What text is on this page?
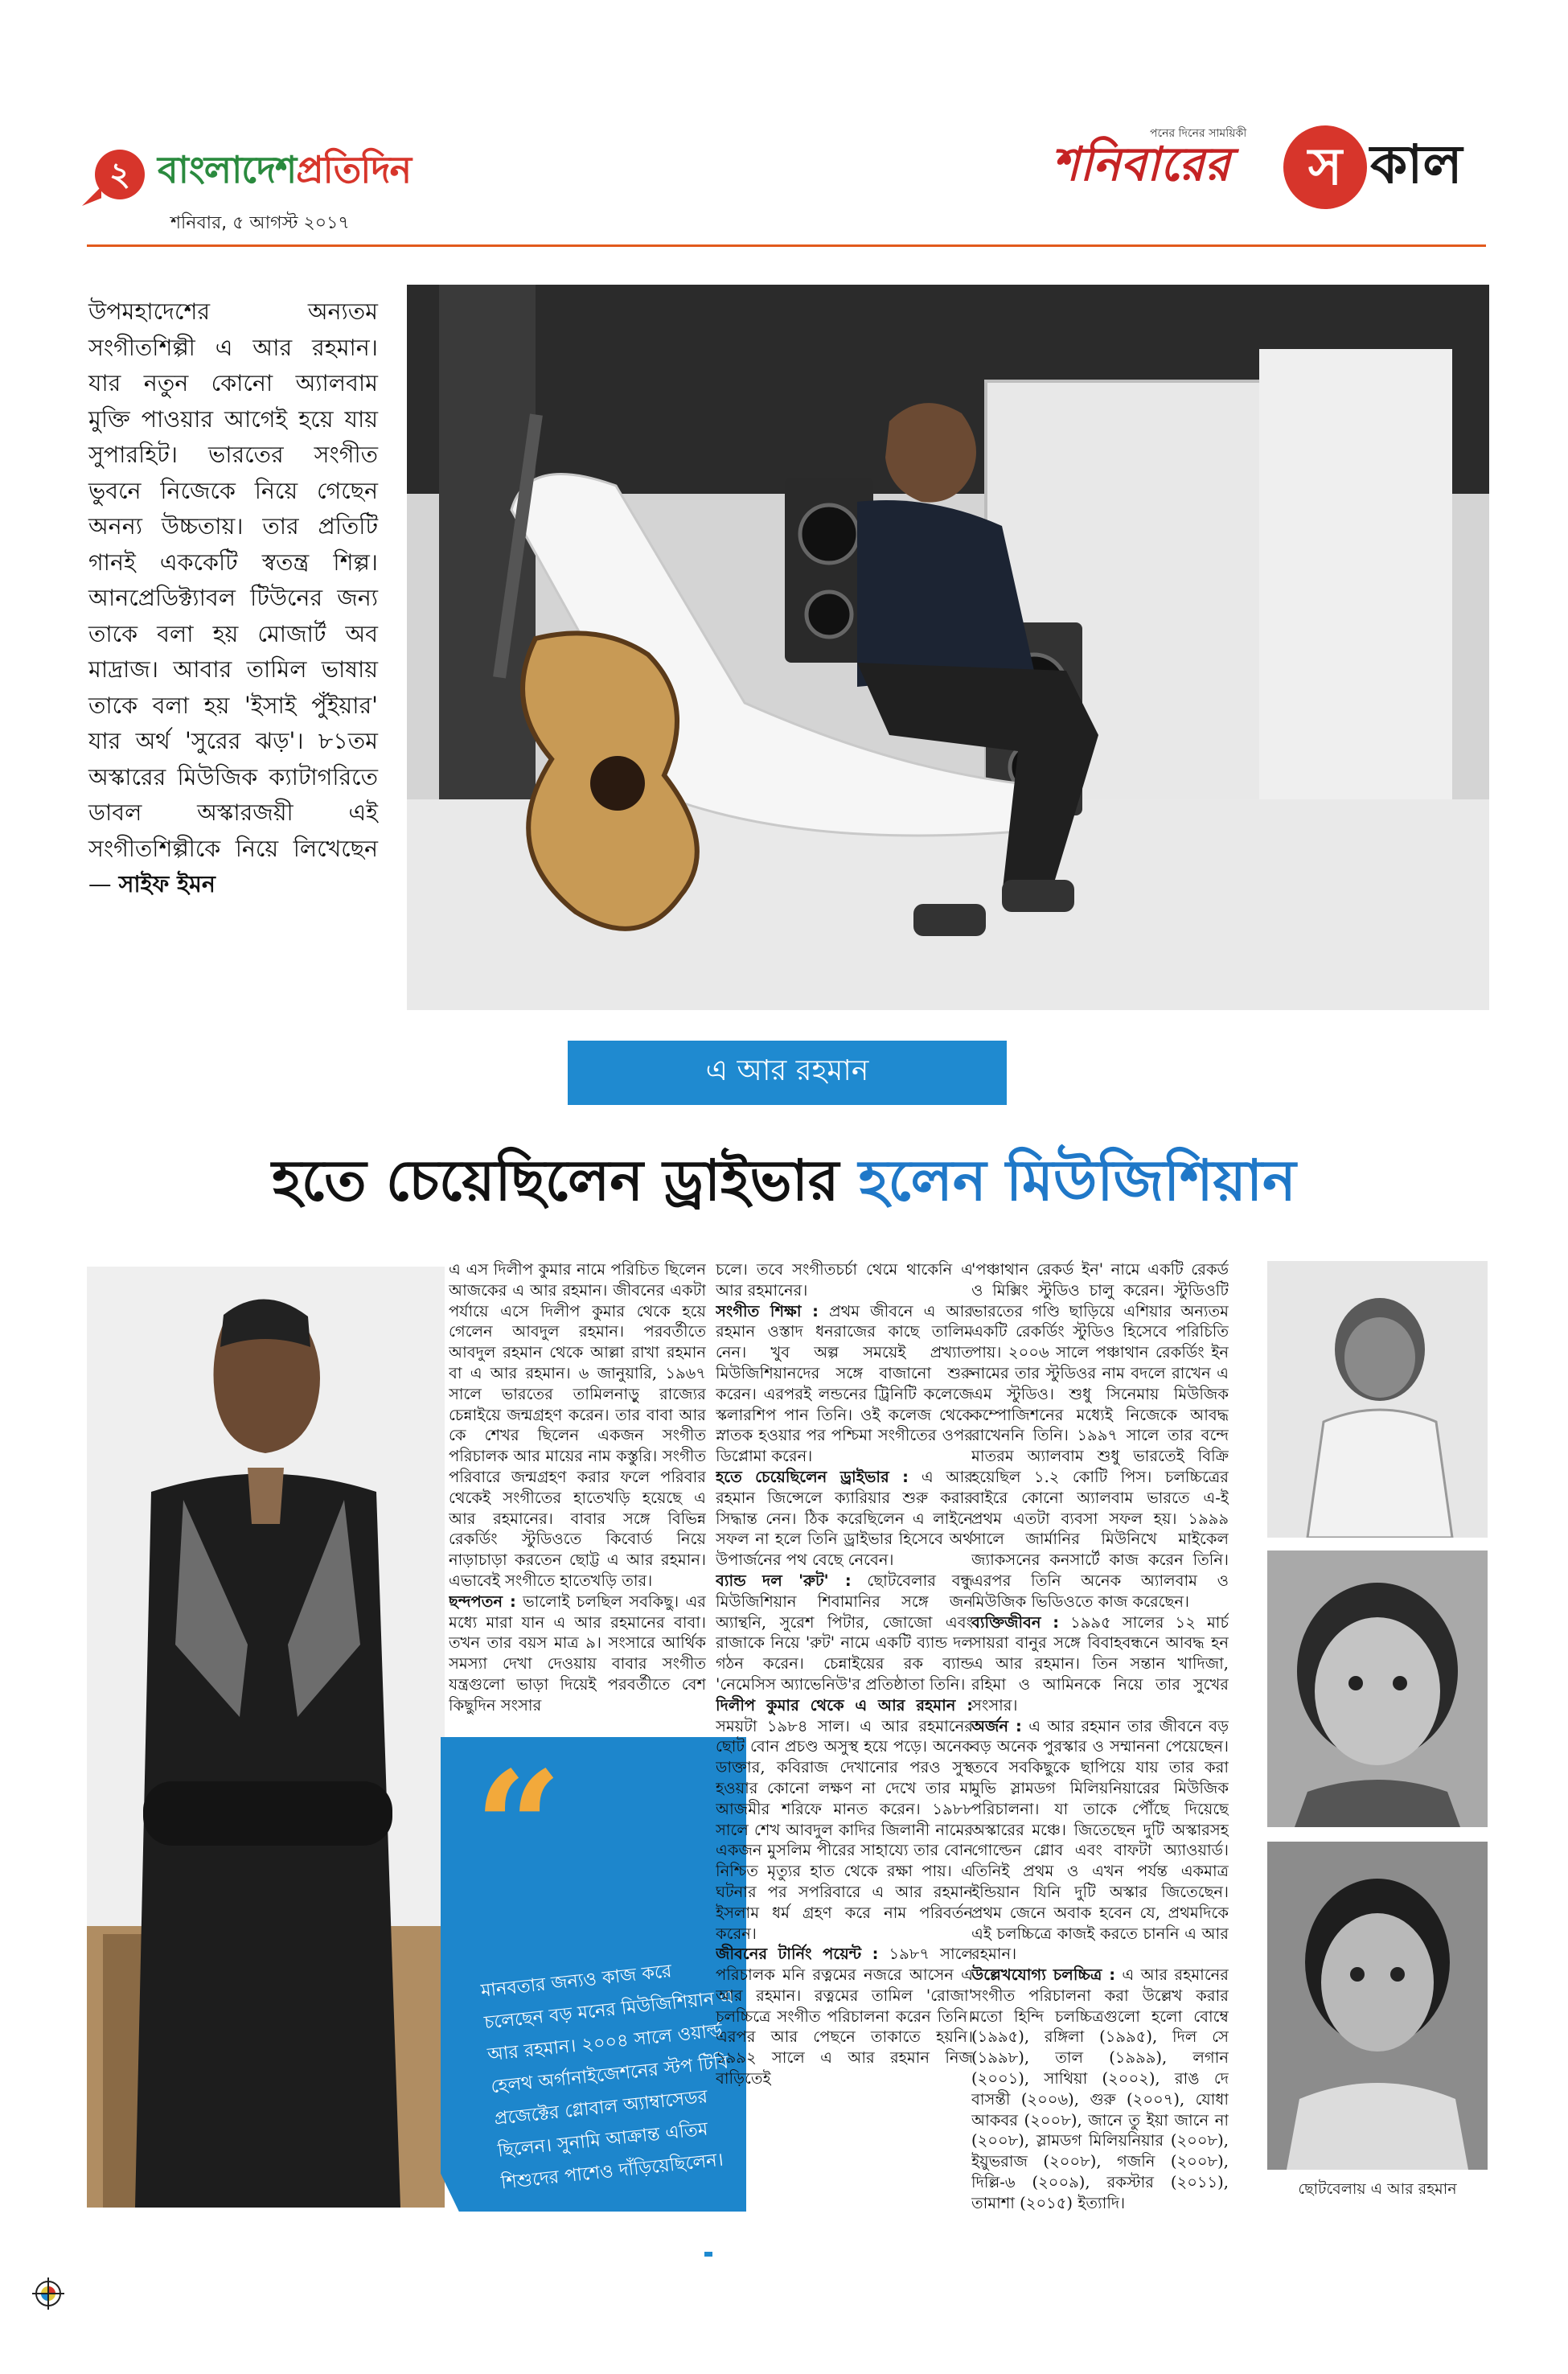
২ বাংলাদেশপ্রতিদিন
শনিবার, ৫ আগস্ট ২০১৭
পনের দিনের সাময়িকী
শনিবারের স কাল
উপমহাদেশের অন্যতম সংগীতশিল্পী এ আর রহমান। যার নতুন কোনো অ্যালবাম মুক্তি পাওয়ার আগেই হয়ে যায় সুপারহিট। ভারতের সংগীত ভুবনে নিজেকে নিয়ে গেছেন অনন্য উচ্চতায়। তার প্রতিটি গানই এককেটি স্বতন্ত্র শিল্প। আনপ্রেডিক্ট্যাবল টিউনের জন্য তাকে বলা হয় মোজার্ট অব মাদ্রাজ। আবার তামিল ভাষায় তাকে বলা হয় 'ইসাই পুঁইয়ার' যার অর্থ 'সুরের ঝড়'। ৮১তম অস্কারের মিউজিক ক্যাটাগরিতে ডাবল অস্কারজয়ী এই সংগীতশিল্পীকে নিয়ে লিখেছেন— সাইফ ইমন
এ আর রহমান
হতে চেয়েছিলেন ড্রাইভার হলেন মিউজিশিয়ান

এ এস দিলীপ কুমার নামে পরিচিত ছিলেন আজকের এ আর রহমান। জীবনের একটা পর্যায়ে এসে দিলীপ কুমার থেকে হয়ে গেলেন আবদুল রহমান। পরবর্তীতে আবদুল রহমান থেকে আল্লা রাখা রহমান বা এ আর রহমান। ৬ জানুয়ারি, ১৯৬৭ সালে ভারতের তামিলনাড়ু রাজ্যের চেন্নাইয়ে জন্মগ্রহণ করেন। তার বাবা আর কে শেখর ছিলেন একজন সংগীত পরিচালক আর মায়ের নাম কস্তুরি। সংগীত পরিবারে জন্মগ্রহণ করার ফলে পরিবার থেকেই সংগীতের হাতেখড়ি হয়েছে এ আর রহমানের। বাবার সঙ্গে বিভিন্ন রেকর্ডিং স্টুডিওতে কিবোর্ড নিয়ে নাড়াচাড়া করতেন ছোট্ট এ আর রহমান। এভাবেই সংগীতে হাতেখড়ি তার।

ছন্দপতন : ভালোই চলছিল সবকিছু। এর মধ্যে মারা যান এ আর রহমানের বাবা। তখন তার বয়স মাত্র ৯। সংসারে আর্থিক সমস্যা দেখা দেওয়ায় বাবার সংগীত যন্ত্রগুলো ভাড়া দিয়েই পরবর্তীতে বেশ কিছুদিন সংসার

“
মানবতার জন্যও কাজ করে চলেছেন বড় মনের মিউজিশিয়ান এ আর রহমান। ২০০৪ সালে ওয়ার্ল্ড হেলথ অর্গানাইজেশনের স্টপ টিবি প্রজেক্টের গ্লোবাল অ্যাম্বাসেডর ছিলেন। সুনামি আক্রান্ত এতিম শিশুদের পাশেও দাঁড়িয়েছিলেন।

চলে। তবে সংগীতচর্চা থেমে থাকেনি এ আর রহমানের।

সংগীত শিক্ষা : প্রথম জীবনে এ আর রহমান ওস্তাদ ধনরাজের কাছে তালিম নেন। খুব অল্প সময়েই প্রখ্যাত মিউজিশিয়ানদের সঙ্গে বাজানো শুরু করেন। এরপরই লন্ডনের ট্রিনিটি কলেজে স্কলারশিপ পান তিনি। ওই কলেজ থেকে স্নাতক হওয়ার পর পশ্চিমা সংগীতের ওপর ডিপ্লোমা করেন।

হতে চেয়েছিলেন ড্রাইভার : এ আর রহমান জিন্সেলে ক্যারিয়ার শুরু করার সিদ্ধান্ত নেন। ঠিক করেছিলেন এ লাইনে সফল না হলে তিনি ড্রাইভার হিসেবে অর্থ উপার্জনের পথ বেছে নেবেন।

ব্যান্ড দল 'রুট' : ছোটবেলার বন্ধু মিউজিশিয়ান শিবামানির সঙ্গে জন অ্যান্থনি, সুরেশ পিটার, জোজো এবং রাজাকে নিয়ে 'রুট' নামে একটি ব্যান্ড দল গঠন করেন। চেন্নাইয়ের রক ব্যান্ড 'নেমেসিস অ্যাভেনিউ'র প্রতিষ্ঠাতা তিনি।

দিলীপ কুমার থেকে এ আর রহমান : সময়টা ১৯৮৪ সাল। এ আর রহমানের ছোট বোন প্রচণ্ড অসুস্থ হয়ে পড়ে। অনেক ডাক্তার, কবিরাজ দেখানোর পরও সুস্থ হওয়ার কোনো লক্ষণ না দেখে তার মা আজমীর শরিফে মানত করেন। ১৯৮৮ সালে শেখ আবদুল কাদির জিলানী নামের একজন মুসলিম পীরের সাহায্যে তার বোন নিশ্চিত মৃত্যুর হাত থেকে রক্ষা পায়। এ ঘটনার পর সপরিবারে এ আর রহমান ইসলাম ধর্ম গ্রহণ করে নাম পরিবর্তন করেন।

জীবনের টার্নিং পয়েন্ট : ১৯৮৭ সালে পরিচালক মনি রত্নমের নজরে আসেন এ আর রহমান। রত্নমের তামিল 'রোজা' চলচ্চিত্রে সংগীত পরিচালনা করেন তিনি। এরপর আর পেছনে তাকাতে হয়নি। ১৯৯২ সালে এ আর রহমান নিজ বাড়িতেই

'পঞ্চাথান রেকর্ড ইন' নামে একটি রেকর্ড ও মিক্সিং স্টুডিও চালু করেন। স্টুডিওটি ভারতের গণ্ডি ছাড়িয়ে এশিয়ার অন্যতম একটি রেকর্ডিং স্টুডিও হিসেবে পরিচিতি পায়। ২০০৬ সালে পঞ্চাথান রেকর্ডিং ইন নামের তার স্টুডিওর নাম বদলে রাখেন এ এম স্টুডিও। শুধু সিনেমায় মিউজিক কম্পোজিশনের মধ্যেই নিজেকে আবদ্ধ রাখেননি তিনি। ১৯৯৭ সালে তার বন্দে মাতরম অ্যালবাম শুধু ভারতেই বিক্রি হয়েছিল ১.২ কোটি পিস। চলচ্চিত্রের বাইরে কোনো অ্যালবাম ভারতে এ-ই প্রথম এতটা ব্যবসা সফল হয়। ১৯৯৯ সালে জার্মানির মিউনিখে মাইকেল জ্যাকসনের কনসার্টে কাজ করেন তিনি। এরপর তিনি অনেক অ্যালবাম ও মিউজিক ভিডিওতে কাজ করেছেন।

ব্যক্তিজীবন : ১৯৯৫ সালের ১২ মার্চ সায়রা বানুর সঙ্গে বিবাহবন্ধনে আবদ্ধ হন এ আর রহমান। তিন সন্তান খাদিজা, রহিমা ও আমিনকে নিয়ে তার সুখের সংসার।

অর্জন : এ আর রহমান তার জীবনে বড় বড় অনেক পুরস্কার ও সম্মাননা পেয়েছেন। তবে সবকিছুকে ছাপিয়ে যায় তার করা মুভি স্লামডগ মিলিয়নিয়ারের মিউজিক পরিচালনা। যা তাকে পৌঁছে দিয়েছে অস্কারের মঞ্চে। জিতেছেন দুটি অস্কারসহ গোল্ডেন গ্লোব এবং বাফটা অ্যাওয়ার্ড। তিনিই প্রথম ও এখন পর্যন্ত একমাত্র ইন্ডিয়ান যিনি দুটি অস্কার জিতেছেন। প্রথম জেনে অবাক হবেন যে, প্রথমদিকে এই চলচ্চিত্রে কাজই করতে চাননি এ আর রহমান।

উল্লেখযোগ্য চলচ্চিত্র : এ আর রহমানের সংগীত পরিচালনা করা উল্লেখ করার মতো হিন্দি চলচ্চিত্রগুলো হলো বোম্বে (১৯৯৫), রঙ্গিলা (১৯৯৫), দিল সে (১৯৯৮), তাল (১৯৯৯), লগান (২০০১), সাথিয়া (২০০২), রাঙ দে বাসন্তী (২০০৬), গুরু (২০০৭), যোধা আকবর (২০০৮), জানে তু ইয়া জানে না (২০০৮), স্লামডগ মিলিয়নিয়ার (২০০৮), ইয়ুভরাজ (২০০৮), গজনি (২০০৮), দিল্লি-৬ (২০০৯), রকস্টার (২০১১), তামাশা (২০১৫) ইত্যাদি।

ছোটবেলায় এ আর রহমান
